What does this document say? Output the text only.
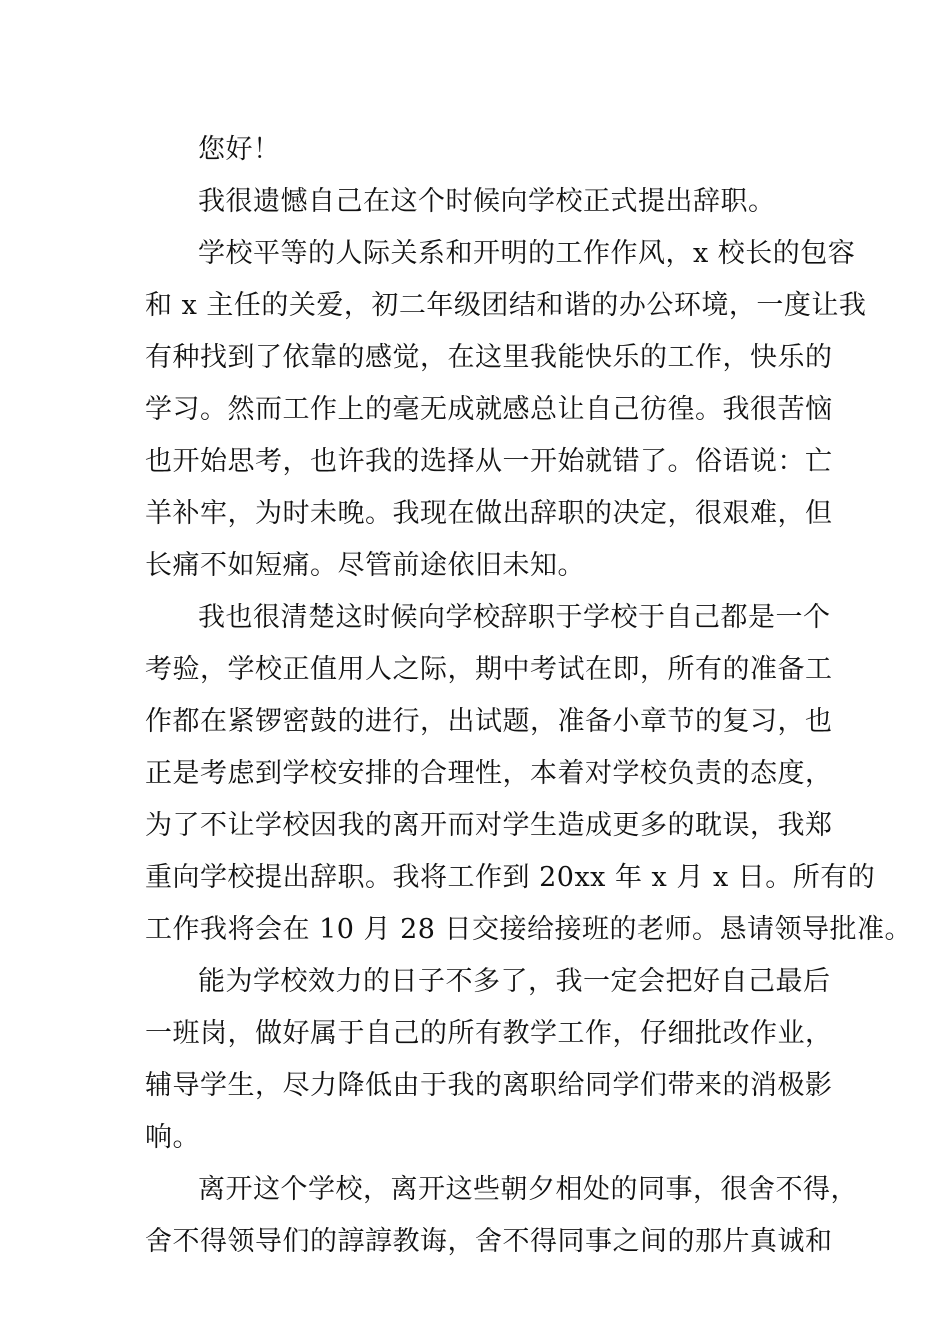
您好！
我很遗憾自己在这个时候向学校正式提出辞职。
学校平等的人际关系和开明的工作作风，x 校长的包容
和 x 主任的关爱，初二年级团结和谐的办公环境，一度让我
有种找到了依靠的感觉，在这里我能快乐的工作，快乐的
学习。然而工作上的毫无成就感总让自己彷徨。我很苦恼
也开始思考，也许我的选择从一开始就错了。俗语说：亡
羊补牢，为时未晚。我现在做出辞职的决定，很艰难，但
长痛不如短痛。尽管前途依旧未知。
我也很清楚这时候向学校辞职于学校于自己都是一个
考验，学校正值用人之际，期中考试在即，所有的准备工
作都在紧锣密鼓的进行，出试题，准备小章节的复习，也
正是考虑到学校安排的合理性，本着对学校负责的态度，
为了不让学校因我的离开而对学生造成更多的耽误，我郑
重向学校提出辞职。我将工作到 20xx 年 x 月 x 日。所有的
工作我将会在 10 月 28 日交接给接班的老师。恳请领导批准。
能为学校效力的日子不多了，我一定会把好自己最后
一班岗，做好属于自己的所有教学工作，仔细批改作业，
辅导学生，尽力降低由于我的离职给同学们带来的消极影
响。
离开这个学校，离开这些朝夕相处的同事，很舍不得，
舍不得领导们的諄諄教诲，舍不得同事之间的那片真诚和
